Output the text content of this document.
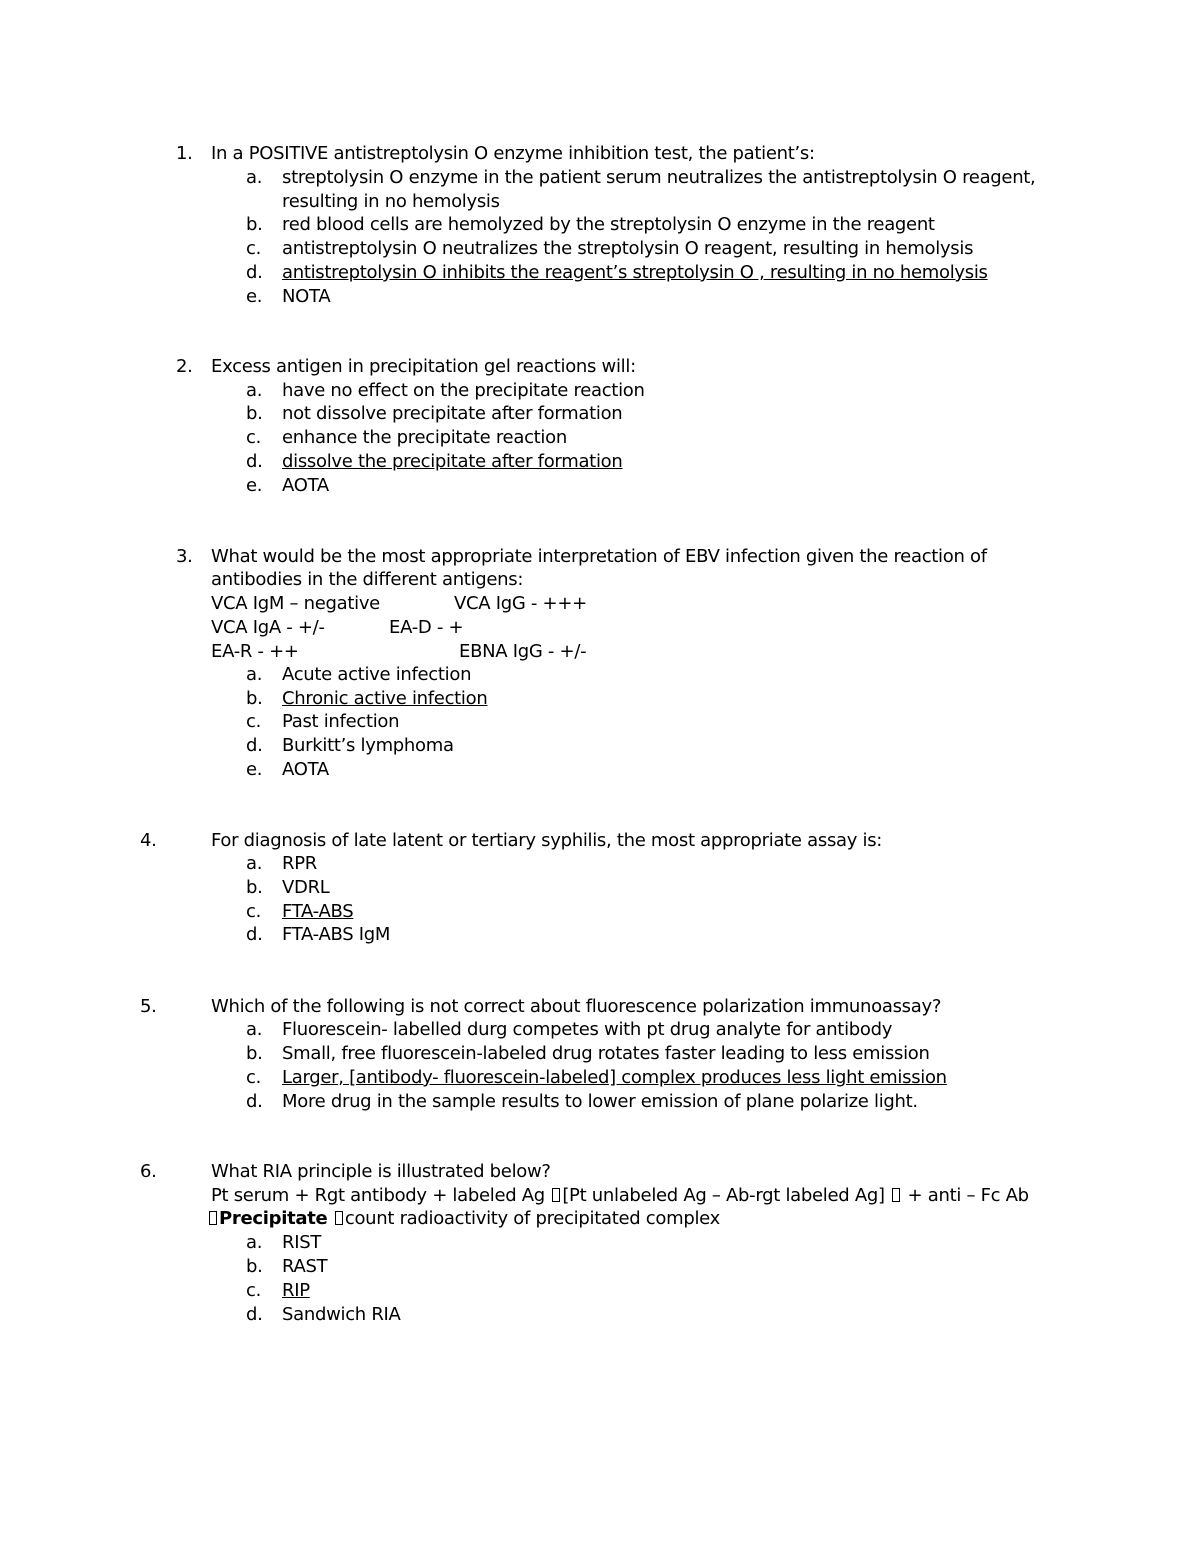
1. In a POSITIVE antistreptolysin O enzyme inhibition test, the patient’s:
a. streptolysin O enzyme in the patient serum neutralizes the antistreptolysin O reagent,
resulting in no hemolysis
b. red blood cells are hemolyzed by the streptolysin O enzyme in the reagent
c. antistreptolysin O neutralizes the streptolysin O reagent, resulting in hemolysis
d. antistreptolysin O inhibits the reagent’s streptolysin O , resulting in no hemolysis
e. NOTA
2. Excess antigen in precipitation gel reactions will:
a. have no effect on the precipitate reaction
b. not dissolve precipitate after formation
c. enhance the precipitate reaction
d. dissolve the precipitate after formation
e. AOTA
3. What would be the most appropriate interpretation of EBV infection given the reaction of
antibodies in the different antigens:
VCA IgM – negative	VCA IgG - +++
VCA IgA - +/-	EA-D - +
EA-R - ++	EBNA IgG - +/-
a. Acute active infection
b. Chronic active infection
c. Past infection
d. Burkitt’s lymphoma
e. AOTA
4.	For diagnosis of late latent or tertiary syphilis, the most appropriate assay is:
a. RPR
b. VDRL
c. FTA-ABS
d. FTA-ABS IgM
5.	Which of the following is not correct about fluorescence polarization immunoassay?
a. Fluorescein- labelled durg competes with pt drug analyte for antibody
b. Small, free fluorescein-labeled drug rotates faster leading to less emission
c. Larger, [antibody- fluorescein-labeled] complex produces less light emission
d. More drug in the sample results to lower emission of plane polarize light.
6.	What RIA principle is illustrated below?
Pt serum + Rgt antibody + labeled Ag [Pt unlabeled Ag – Ab-rgt labeled Ag] + anti – Fc Ab
Precipitate count radioactivity of precipitated complex
a. RIST
b. RAST
c. RIP
d. Sandwich RIA
